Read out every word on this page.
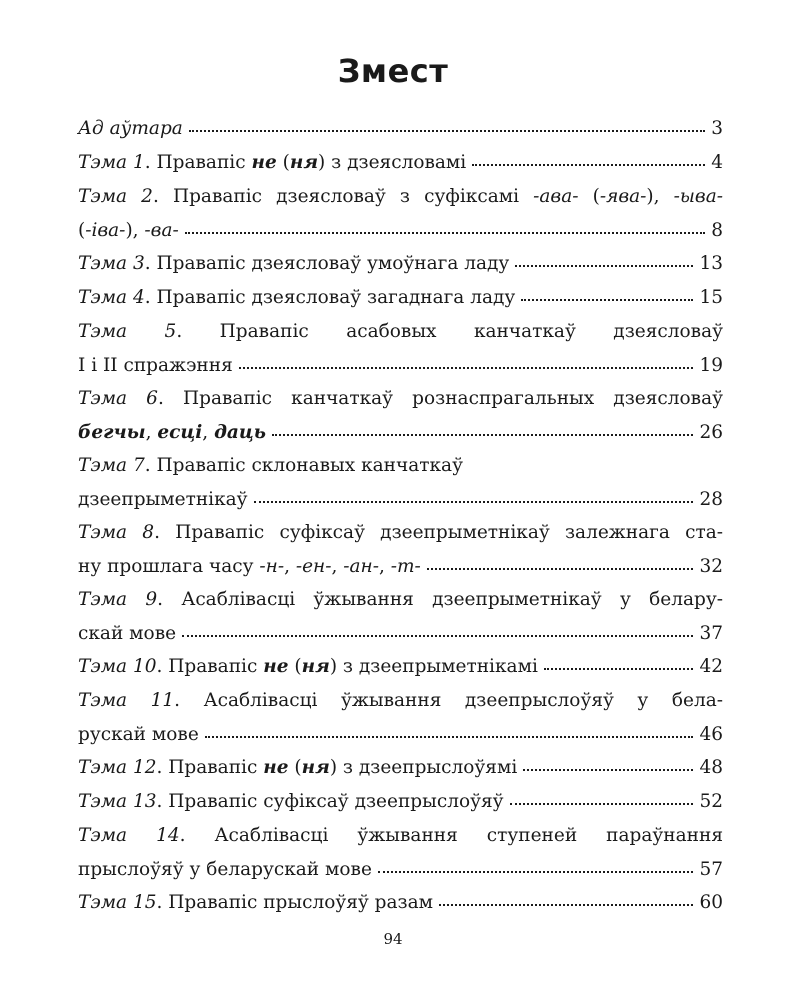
Змест
Ад аўтара	3
Тэма 1. Правапіс не (ня) з дзеясловамі	4
Тэма 2. Правапіс дзеясловаў з суфіксамі -ава- (-ява-), -ыва-
(-іва-), -ва-	8
Тэма 3. Правапіс дзеясловаў умоўнага ладу	13
Тэма 4. Правапіс дзеясловаў загаднага ладу	15
Тэма 5. Правапіс асабовых канчаткаў дзеясловаў
I і II спражэння	19
Тэма 6. Правапіс канчаткаў рознаспрагальных дзеясловаў
бегчы, есці, даць	26
Тэма 7. Правапіс склонавых канчаткаў
дзеепрыметнікаў	28
Тэма 8. Правапіс суфіксаў дзеепрыметнікаў залежнага ста-
ну прошлага часу -н-, -ен-, -ан-, -т-	32
Тэма 9. Асаблівасці ўжывання дзеепрыметнікаў у белару-
скай мове	37
Тэма 10. Правапіс не (ня) з дзеепрыметнікамі	42
Тэма 11. Асаблівасці ўжывання дзеепрыслоўяў у бела-
рускай мове	46
Тэма 12. Правапіс не (ня) з дзеепрыслоўямі	48
Тэма 13. Правапіс суфіксаў дзеепрыслоўяў	52
Тэма 14. Асаблівасці ўжывання ступеней параўнання
прыслоўяў у беларускай мове	57
Тэма 15. Правапіс прыслоўяў разам	60
94
